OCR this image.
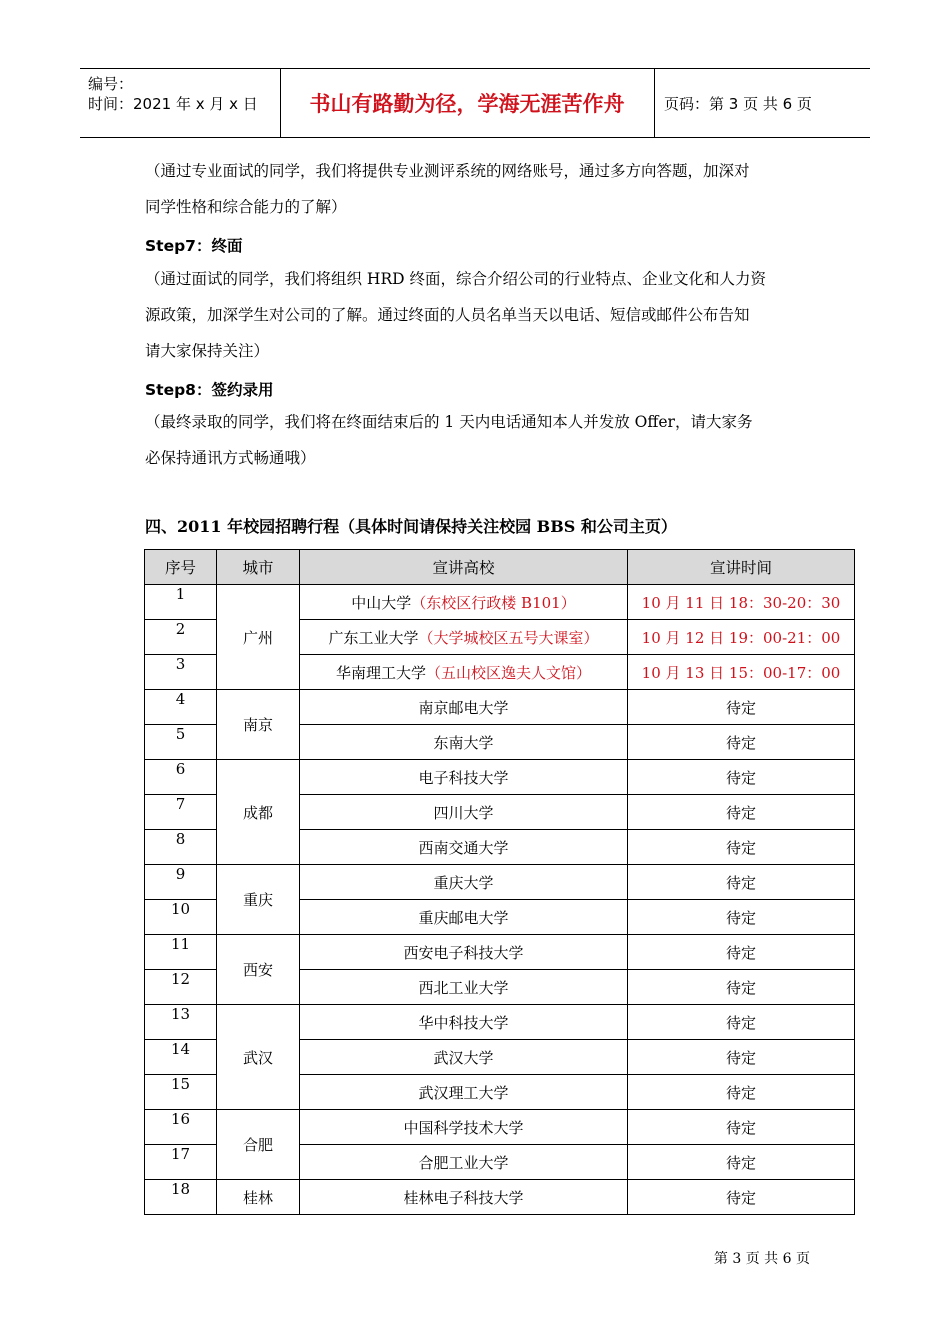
编号：
时间：2021 年 x 月 x 日	书山有路勤为径，学海无涯苦作舟	页码：第 3 页 共 6 页
（通过专业面试的同学，我们将提供专业测评系统的网络账号，通过多方向答题，加深对
同学性格和综合能力的了解）
Step7：终面
（通过面试的同学，我们将组织 HRD 终面，综合介绍公司的行业特点、企业文化和人力资
源政策，加深学生对公司的了解。通过终面的人员名单当天以电话、短信或邮件公布告知
请大家保持关注）
Step8：签约录用
（最终录取的同学，我们将在终面结束后的 1 天内电话通知本人并发放 Offer，请大家务
必保持通讯方式畅通哦）
四、2011 年校园招聘行程（具体时间请保持关注校园 BBS 和公司主页）
序号	城市	宣讲高校	宣讲时间
1	广州	中山大学（东校区行政楼 B101）	10 月 11 日 18：30-20：30
2		广东工业大学（大学城校区五号大课室）	10 月 12 日 19：00-21：00
3		华南理工大学（五山校区逸夫人文馆）	10 月 13 日 15：00-17：00
4	南京	南京邮电大学	待定
5		东南大学	待定
6	成都	电子科技大学	待定
7		四川大学	待定
8		西南交通大学	待定
9	重庆	重庆大学	待定
10		重庆邮电大学	待定
11	西安	西安电子科技大学	待定
12		西北工业大学	待定
13	武汉	华中科技大学	待定
14		武汉大学	待定
15		武汉理工大学	待定
16	合肥	中国科学技术大学	待定
17		合肥工业大学	待定
18	桂林	桂林电子科技大学	待定
第 3 页 共 6 页
